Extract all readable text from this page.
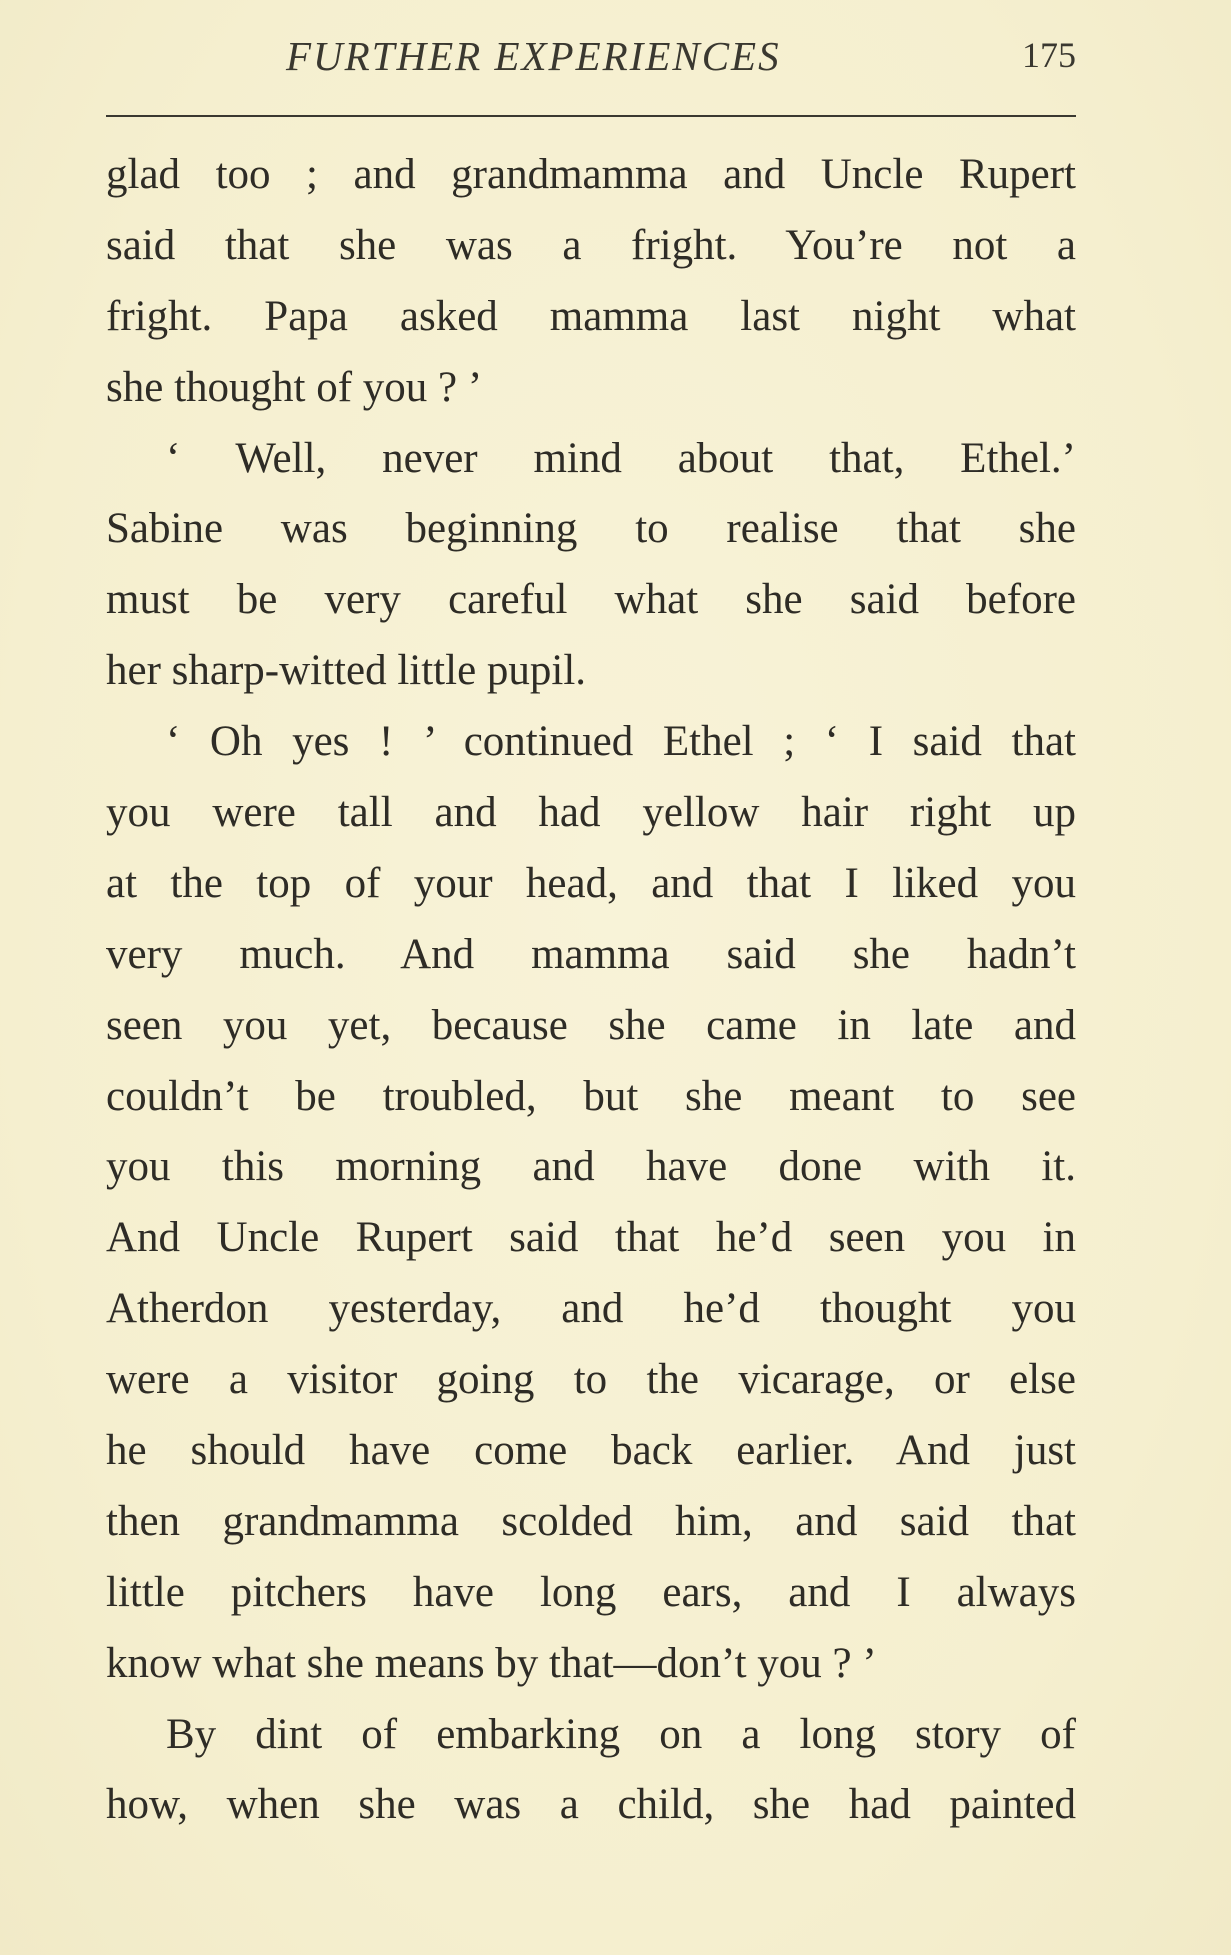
FURTHER EXPERIENCES	175
glad too ; and grandmamma and Uncle Rupert
said that she was a fright. You’re not a
fright. Papa asked mamma last night what
she thought of you ? ’
‘ Well, never mind about that, Ethel.’
Sabine was beginning to realise that she
must be very careful what she said before
her sharp-witted little pupil.
‘ Oh yes ! ’ continued Ethel ; ‘ I said that
you were tall and had yellow hair right up
at the top of your head, and that I liked you
very much. And mamma said she hadn’t
seen you yet, because she came in late and
couldn’t be troubled, but she meant to see
you this morning and have done with it.
And Uncle Rupert said that he’d seen you in
Atherdon yesterday, and he’d thought you
were a visitor going to the vicarage, or else
he should have come back earlier. And just
then grandmamma scolded him, and said that
little pitchers have long ears, and I always
know what she means by that—don’t you ? ’
By dint of embarking on a long story of
how, when she was a child, she had painted
